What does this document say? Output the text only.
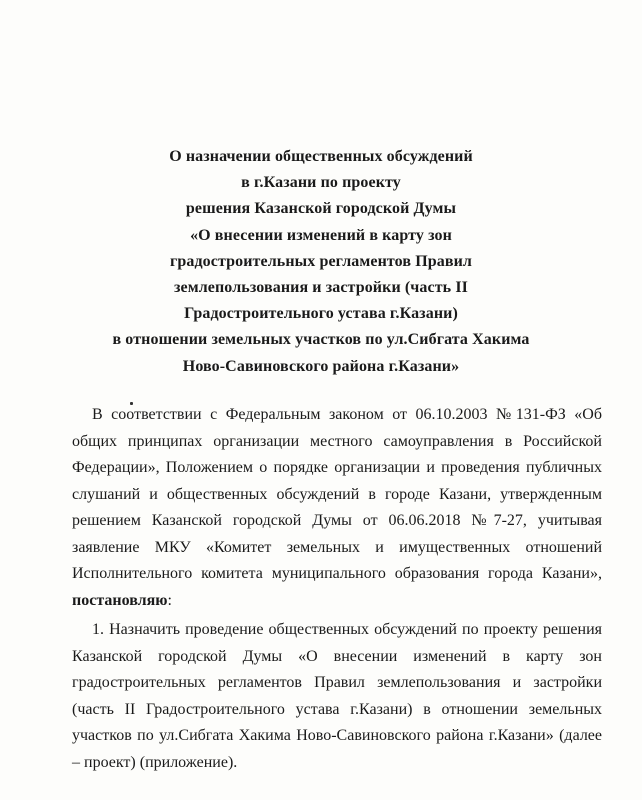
О назначении общественных обсуждений
в г.Казани по проекту
решения Казанской городской Думы
«О внесении изменений в карту зон
градостроительных регламентов Правил
землепользования и застройки (часть II
Градостроительного устава г.Казани)
в отношении земельных участков по ул.Сибгата Хакима
Ново-Савиновского района г.Казани»

В соответствии с Федеральным законом от 06.10.2003 №131-ФЗ «Об общих принципах организации местного самоуправления в Российской Федерации», Положением о порядке организации и проведения публичных слушаний и общественных обсуждений в городе Казани, утвержденным решением Казанской городской Думы от 06.06.2018 №7-27, учитывая заявление МКУ «Комитет земельных и имущественных отношений Исполнительного комитета муниципального образования города Казани», постановляю:

1. Назначить проведение общественных обсуждений по проекту решения Казанской городской Думы «О внесении изменений в карту зон градостроительных регламентов Правил землепользования и застройки (часть II Градостроительного устава г.Казани) в отношении земельных участков по ул.Сибгата Хакима Ново-Савиновского района г.Казани» (далее – проект) (приложение).
